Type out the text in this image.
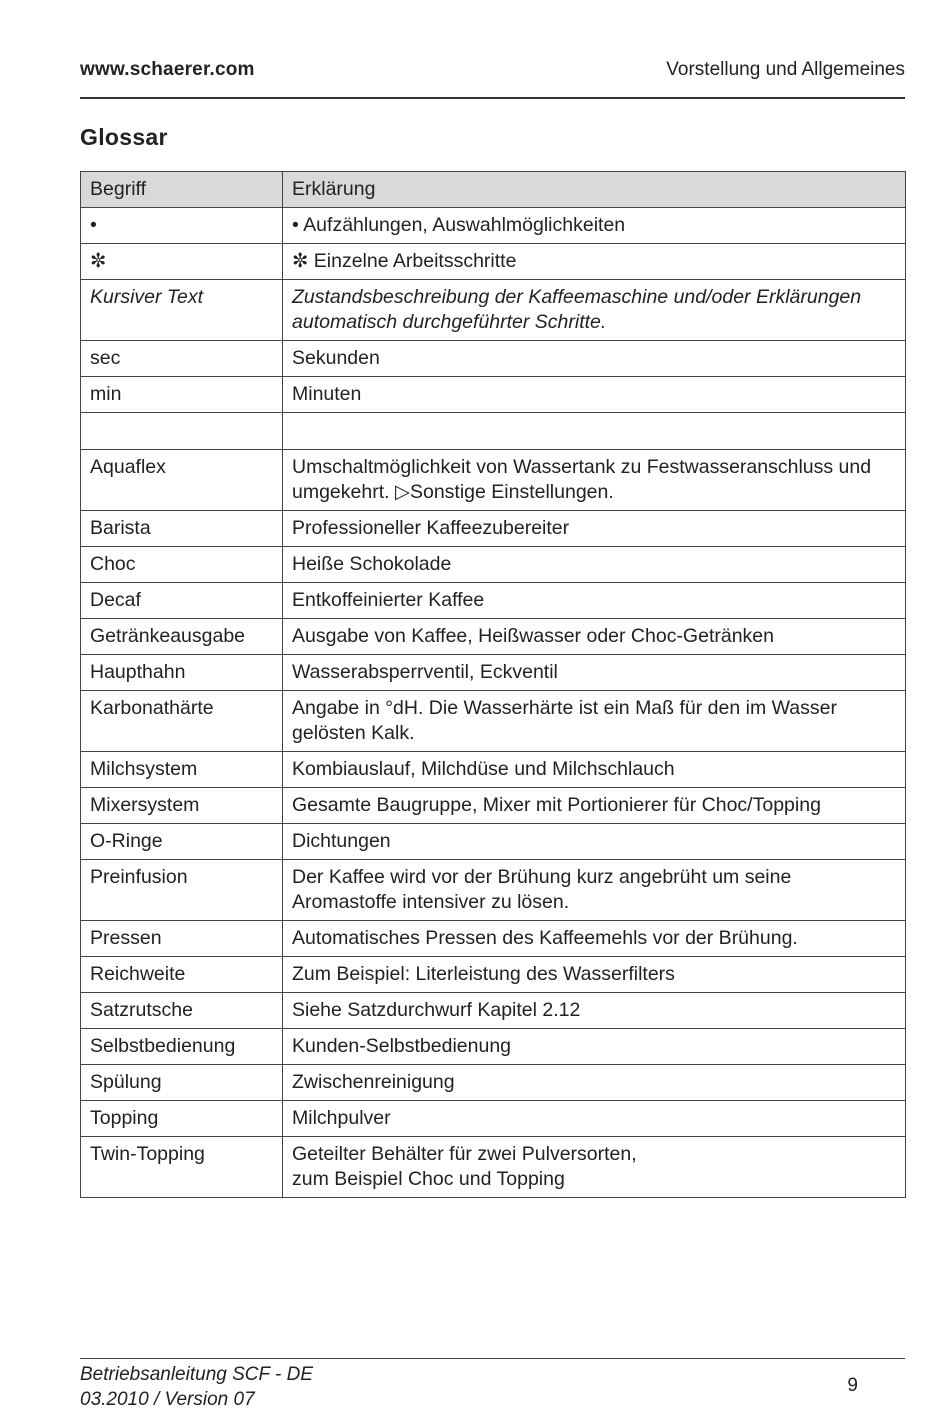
www.schaerer.com	Vorstellung und Allgemeines
Glossar
Begriff	Erklärung
•	• Aufzählungen, Auswahlmöglichkeiten
✼	✼ Einzelne Arbeitsschritte
Kursiver Text	Zustandsbeschreibung der Kaffeemaschine und/oder Erklärungen automatisch durchgeführter Schritte.
sec	Sekunden
min	Minuten

Aquaflex	Umschaltmöglichkeit von Wassertank zu Festwasseranschluss und umgekehrt. ▷Sonstige Einstellungen.
Barista	Professioneller Kaffeezubereiter
Choc	Heiße Schokolade
Decaf	Entkoffeinierter Kaffee
Getränkeausgabe	Ausgabe von Kaffee, Heißwasser oder Choc-Getränken
Haupthahn	Wasserabsperrventil, Eckventil
Karbonathärte	Angabe in °dH. Die Wasserhärte ist ein Maß für den im Wasser gelösten Kalk.
Milchsystem	Kombiauslauf, Milchdüse und Milchschlauch
Mixersystem	Gesamte Baugruppe, Mixer mit Portionierer für Choc/Topping
O-Ringe	Dichtungen
Preinfusion	Der Kaffee wird vor der Brühung kurz angebrüht um seine Aromastoffe intensiver zu lösen.
Pressen	Automatisches Pressen des Kaffeemehls vor der Brühung.
Reichweite	Zum Beispiel: Literleistung des Wasserfilters
Satzrutsche	Siehe Satzdurchwurf Kapitel 2.12
Selbstbedienung	Kunden-Selbstbedienung
Spülung	Zwischenreinigung
Topping	Milchpulver
Twin-Topping	Geteilter Behälter für zwei Pulversorten,
zum Beispiel Choc und Topping
Betriebsanleitung SCF - DE
03.2010 / Version 07
9
